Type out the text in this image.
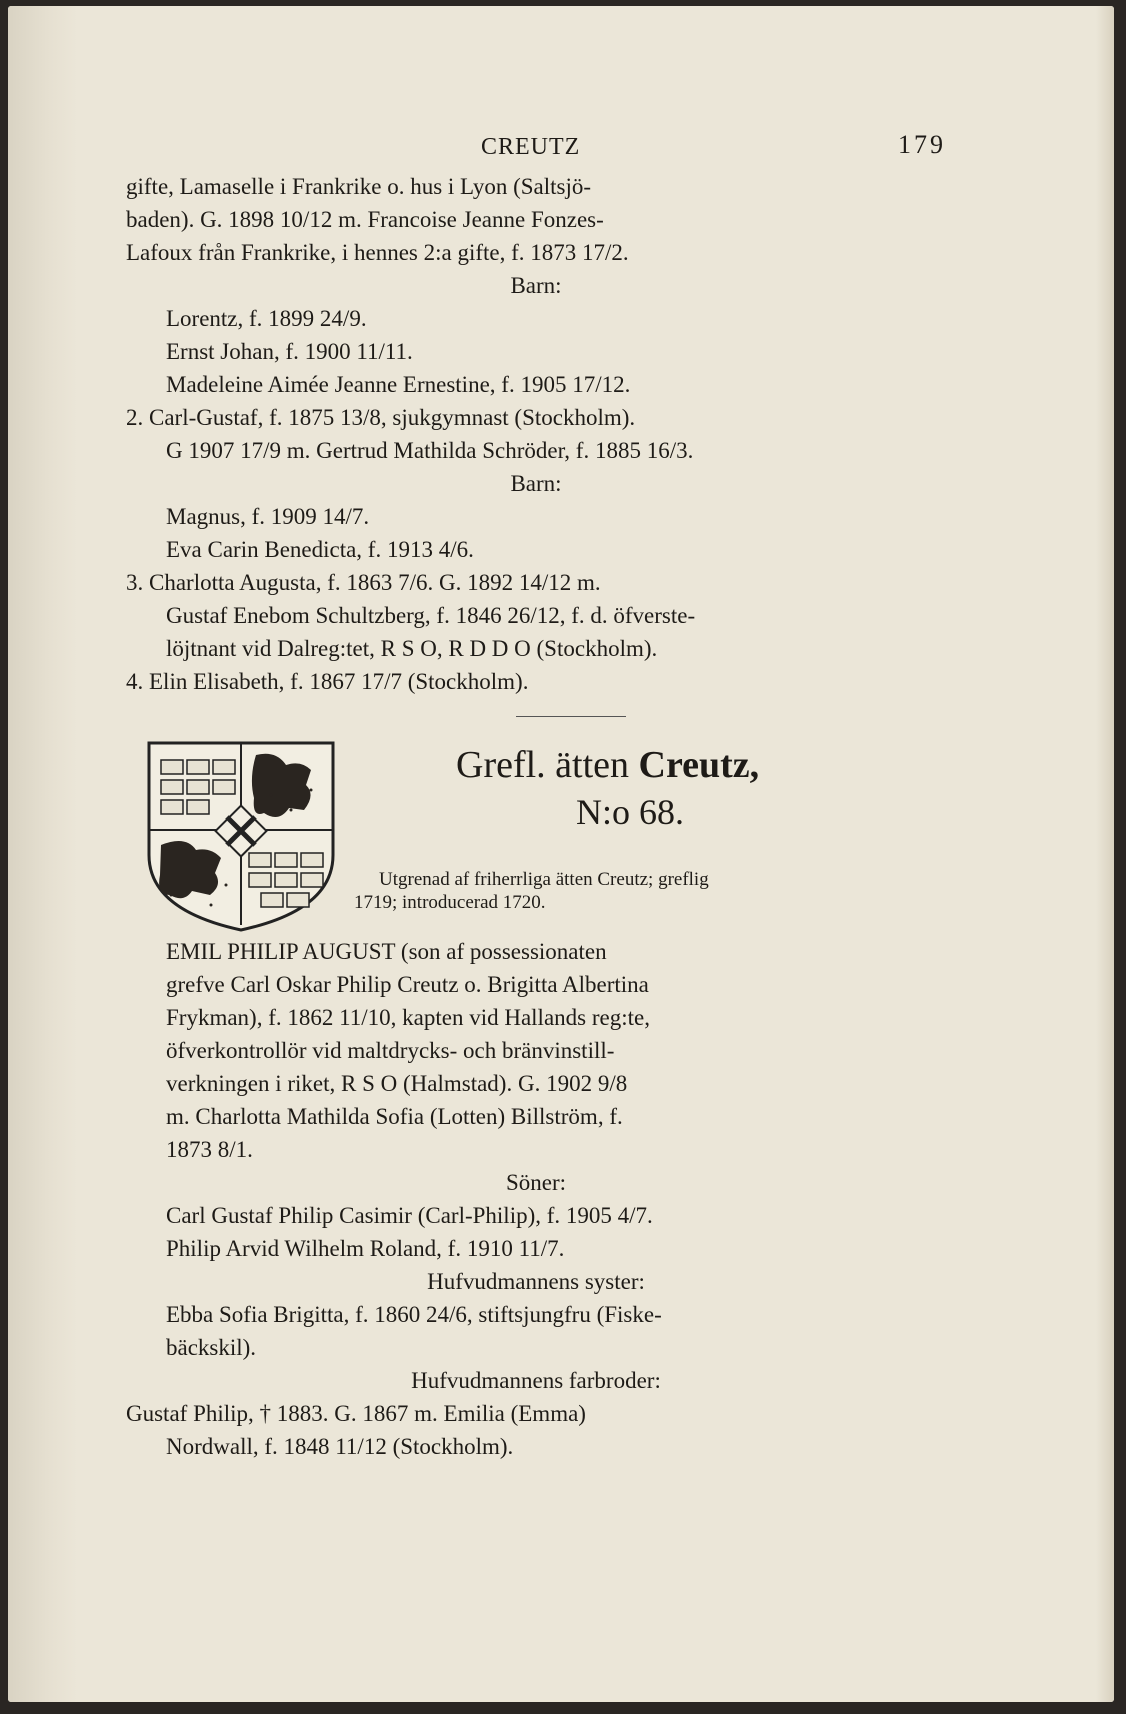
CREUTZ	179
gifte, Lamaselle i Frankrike o. hus i Lyon (Saltsjö-
baden). G. 1898 10/12 m. Francoise Jeanne Fonzes-
Lafoux från Frankrike, i hennes 2:a gifte, f. 1873 17/2.
Barn:
Lorentz, f. 1899 24/9.
Ernst Johan, f. 1900 11/11.
Madeleine Aimée Jeanne Ernestine, f. 1905 17/12.
2. Carl-Gustaf, f. 1875 13/8, sjukgymnast (Stockholm).
G 1907 17/9 m. Gertrud Mathilda Schröder, f. 1885 16/3.
Barn:
Magnus, f. 1909 14/7.
Eva Carin Benedicta, f. 1913 4/6.
3. Charlotta Augusta, f. 1863 7/6. G. 1892 14/12 m.
Gustaf Enebom Schultzberg, f. 1846 26/12, f. d. öfverste-
löjtnant vid Dalreg:tet, R S O, R D D O (Stockholm).
4. Elin Elisabeth, f. 1867 17/7 (Stockholm).
Grefl. ätten Creutz,
N:o 68.
Utgrenad af friherrliga ätten Creutz; greflig
1719; introducerad 1720.
EMIL PHILIP AUGUST (son af possessionaten
grefve Carl Oskar Philip Creutz o. Brigitta Albertina
Frykman), f. 1862 11/10, kapten vid Hallands reg:te,
öfverkontrollör vid maltdrycks- och bränvinstill-
verkningen i riket, R S O (Halmstad). G. 1902 9/8
m. Charlotta Mathilda Sofia (Lotten) Billström, f.
1873 8/1.
Söner:
Carl Gustaf Philip Casimir (Carl-Philip), f. 1905 4/7.
Philip Arvid Wilhelm Roland, f. 1910 11/7.
Hufvudmannens syster:
Ebba Sofia Brigitta, f. 1860 24/6, stiftsjungfru (Fiske-
bäckskil).
Hufvudmannens farbroder:
Gustaf Philip, † 1883. G. 1867 m. Emilia (Emma)
Nordwall, f. 1848 11/12 (Stockholm).
